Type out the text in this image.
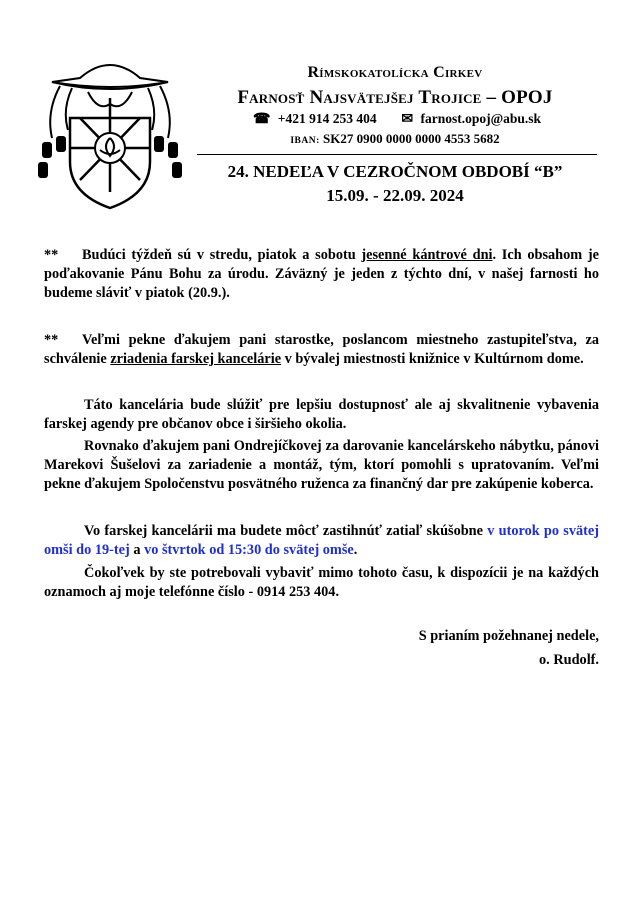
Rímskokatolícka Cirkev
Farnosť Najsvätejšej Trojice – OPOJ
☎ +421 914 253 404 ✉ farnost.opoj@abu.sk
IBAN: SK27 0900 0000 0000 4553 5682
24. NEDEĽA V CEZROČNOM OBDOBÍ “B”
15.09. - 22.09. 2024
** Budúci týždeň sú v stredu, piatok a sobotu jesenné kántrové dni. Ich obsahom je poďakovanie Pánu Bohu za úrodu. Záväzný je jeden z týchto dní, v našej farnosti ho budeme sláviť v piatok (20.9.).
** Veľmi pekne ďakujem pani starostke, poslancom miestneho zastupiteľstva, za schválenie zriadenia farskej kancelárie v bývalej miestnosti knižnice v Kultúrnom dome.
Táto kancelária bude slúžiť pre lepšiu dostupnosť ale aj skvalitnenie vybavenia farskej agendy pre občanov obce i širšieho okolia.
Rovnako ďakujem pani Ondrejíčkovej za darovanie kancelárskeho nábytku, pánovi Marekovi Šušelovi za zariadenie a montáž, tým, ktorí pomohli s upratovaním. Veľmi pekne ďakujem Spoločenstvu posvätného ruženca za finančný dar pre zakúpenie koberca.
Vo farskej kancelárii ma budete môcť zastihnúť zatiaľ skúšobne v utorok po svätej omši do 19-tej a vo štvrtok od 15:30 do svätej omše.
Čokoľvek by ste potrebovali vybaviť mimo tohoto času, k dispozícii je na každých oznamoch aj moje telefónne číslo - 0914 253 404.
S prianím požehnanej nedele,
o. Rudolf.
